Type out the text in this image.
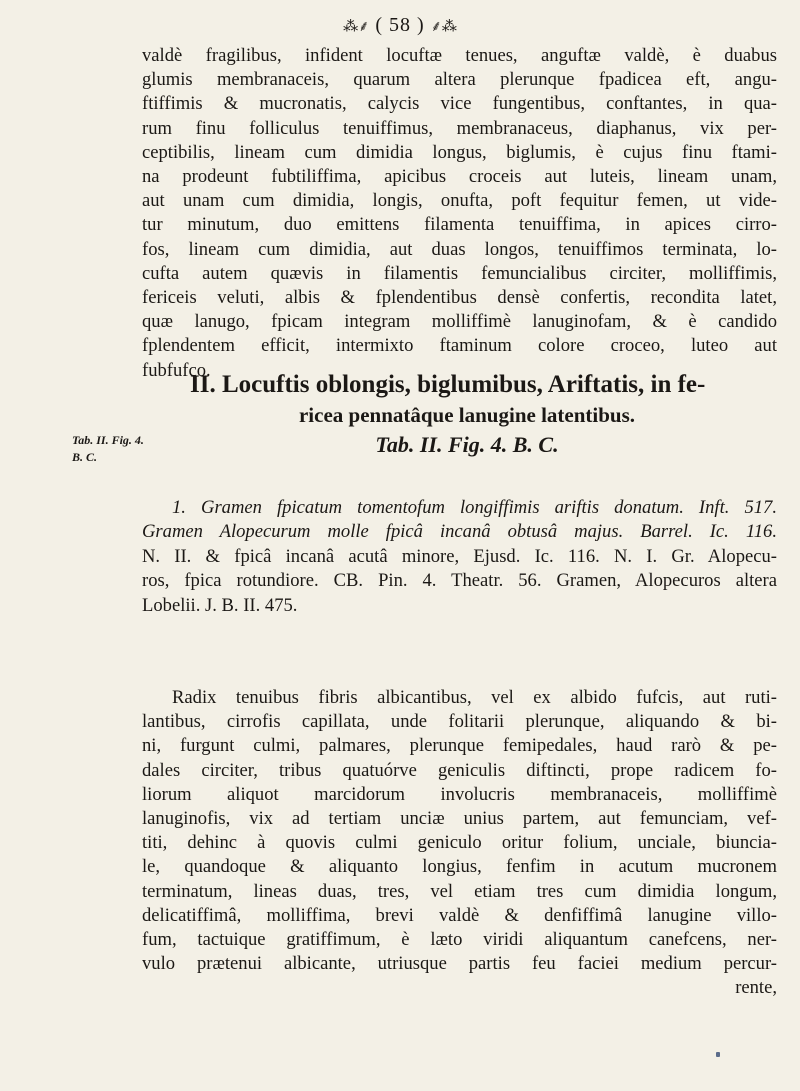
⁂⸙ ( 58 ) ⸙⁂
valdè fragilibus, infident locuftæ tenues, anguftæ valdè, è duabus
glumis membranaceis, quarum altera plerunque fpadicea eft, angu-
ftiffimis & mucronatis, calycis vice fungentibus, conftantes, in qua-
rum finu folliculus tenuiffimus, membranaceus, diaphanus, vix per-
ceptibilis, lineam cum dimidia longus, biglumis, è cujus finu ftami-
na prodeunt fubtiliffima, apicibus croceis aut luteis, lineam unam,
aut unam cum dimidia, longis, onufta, poft fequitur femen, ut vide-
tur minutum, duo emittens filamenta tenuiffima, in apices cirro-
fos, lineam cum dimidia, aut duas longos, tenuiffimos terminata, lo-
cufta autem quævis in filamentis femuncialibus circiter, molliffimis,
fericeis veluti, albis & fplendentibus densè confertis, recondita latet,
quæ lanugo, fpicam integram molliffimè lanuginofam, & è candido
fplendentem efficit, intermixto ftaminum colore croceo, luteo aut
fubfufco.
II. Locuftis oblongis, biglumibus, Ariftatis, in fe-
ricea pennatâque lanugine latentibus.
Tab. II. Fig. 4. B. C.
Tab. II. Fig. 4.
B. C.
1. Gramen fpicatum tomentofum longiffimis ariftis donatum. Inft. 517.
Gramen Alopecurum molle fpicâ incanâ obtusâ majus. Barrel. Ic. 116.
N. II. & fpicâ incanâ acutâ minore, Ejusd. Ic. 116. N. I. Gr. Alopecu-
ros, fpica rotundiore. CB. Pin. 4. Theatr. 56. Gramen, Alopecuros altera
Lobelii. J. B. II. 475.
Radix tenuibus fibris albicantibus, vel ex albido fufcis, aut ruti-
lantibus, cirrofis capillata, unde folitarii plerunque, aliquando & bi-
ni, furgunt culmi, palmares, plerunque femipedales, haud rarò & pe-
dales circiter, tribus quatuórve geniculis diftincti, prope radicem fo-
liorum aliquot marcidorum involucris membranaceis, molliffimè
lanuginofis, vix ad tertiam unciæ unius partem, aut femunciam, vef-
titi, dehinc à quovis culmi geniculo oritur folium, unciale, biuncia-
le, quandoque & aliquanto longius, fenfim in acutum mucronem
terminatum, lineas duas, tres, vel etiam tres cum dimidia longum,
delicatiffimâ, molliffima, brevi valdè & denfiffimâ lanugine villo-
fum, tactuique gratiffimum, è læto viridi aliquantum canefcens, ner-
vulo prætenui albicante, utriusque partis feu faciei medium percur-
rente,
